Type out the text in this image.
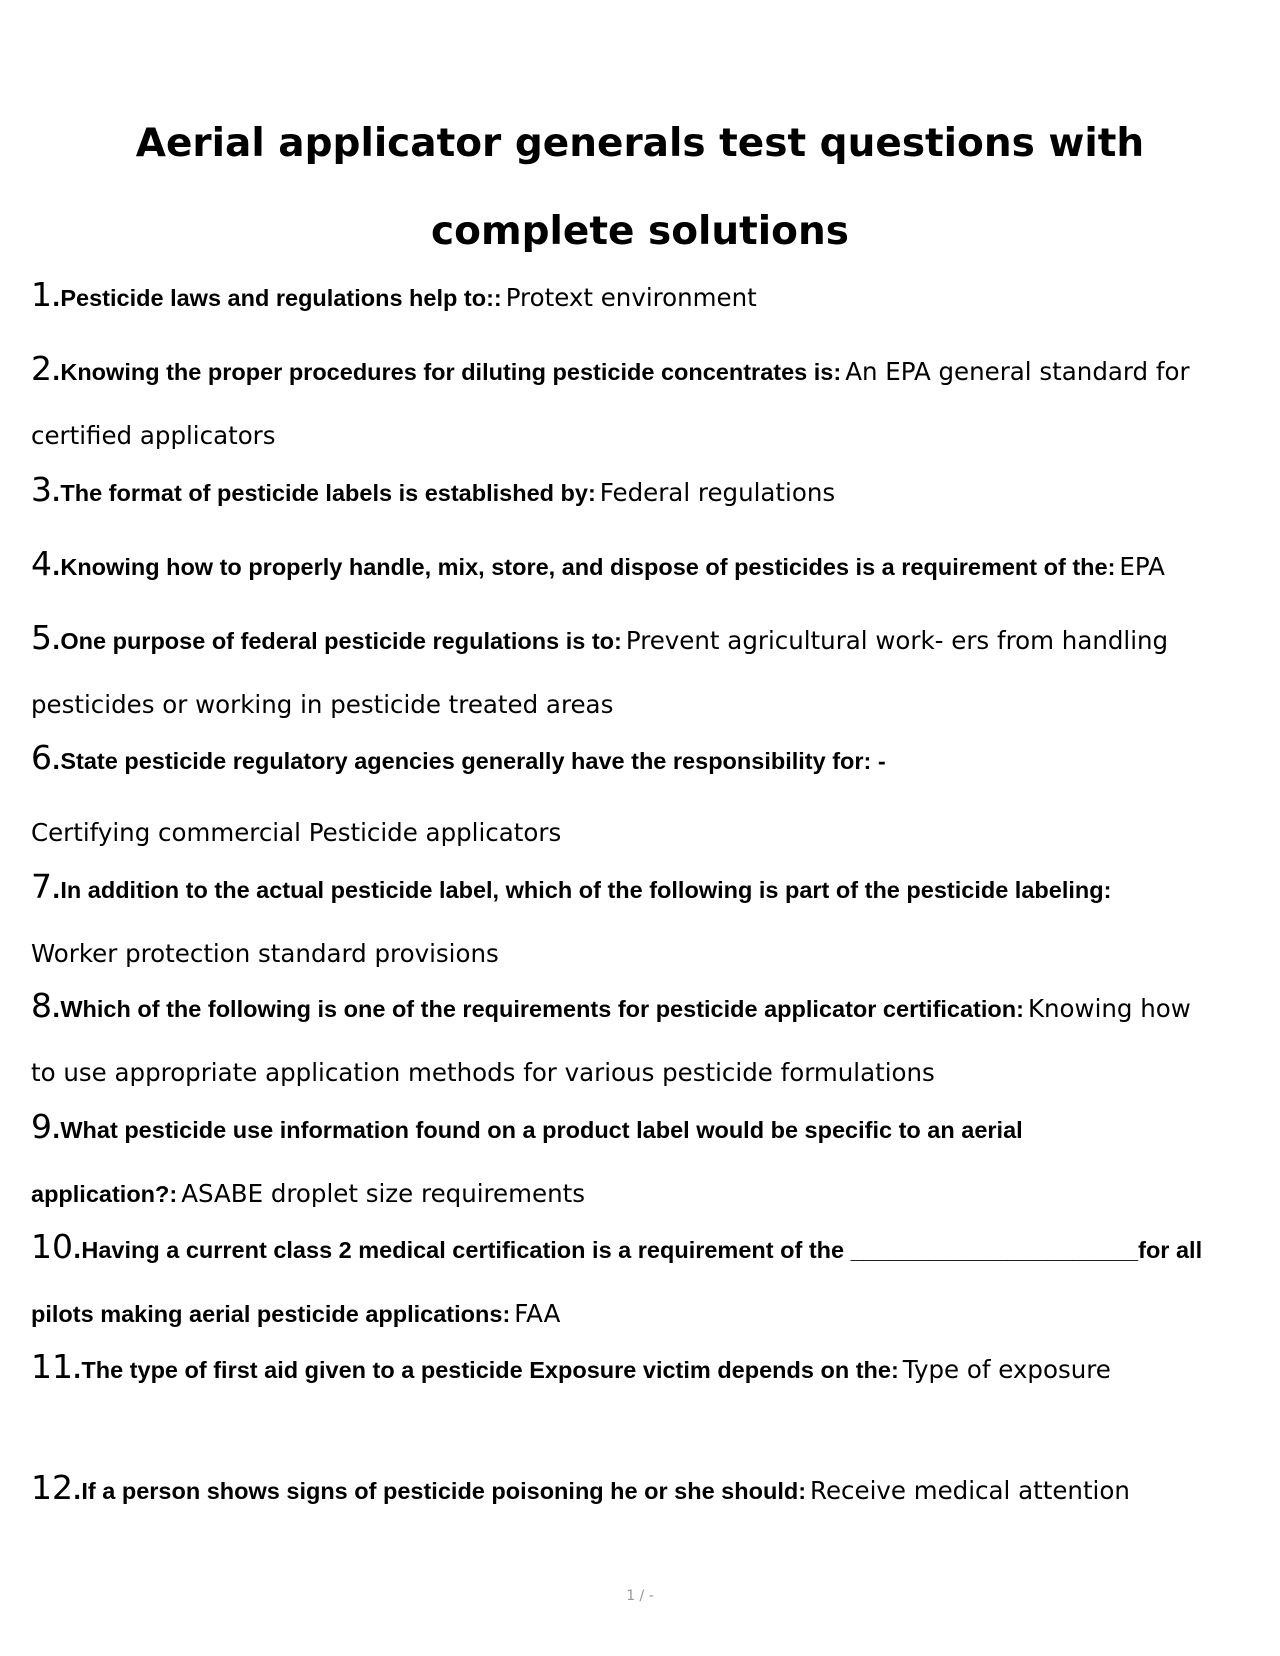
Aerial applicator generals test questions with complete solutions

1.Pesticide laws and regulations help to:: Protext environment

2.Knowing the proper procedures for diluting pesticide concentrates is: An EPA general standard for certified applicators

3.The format of pesticide labels is established by: Federal regulations

4.Knowing how to properly handle, mix, store, and dispose of pesticides is a requirement of the: EPA

5.One purpose of federal pesticide regulations is to: Prevent agricultural work- ers from handling pesticides or working in pesticide treated areas

6.State pesticide regulatory agencies generally have the responsibility for: -
Certifying commercial Pesticide applicators

7.In addition to the actual pesticide label, which of the following is part of the pesticide labeling:
Worker protection standard provisions

8.Which of the following is one of the requirements for pesticide applicator certification: Knowing how to use appropriate application methods for various pesticide formulations

9.What pesticide use information found on a product label would be specific to an aerial application?: ASABE droplet size requirements

10.Having a current class 2 medical certification is a requirement of the ______________________for all pilots making aerial pesticide applications: FAA

11.The type of first aid given to a pesticide Exposure victim depends on the: Type of exposure

12.If a person shows signs of pesticide poisoning he or she should: Receive medical attention

1 / -
